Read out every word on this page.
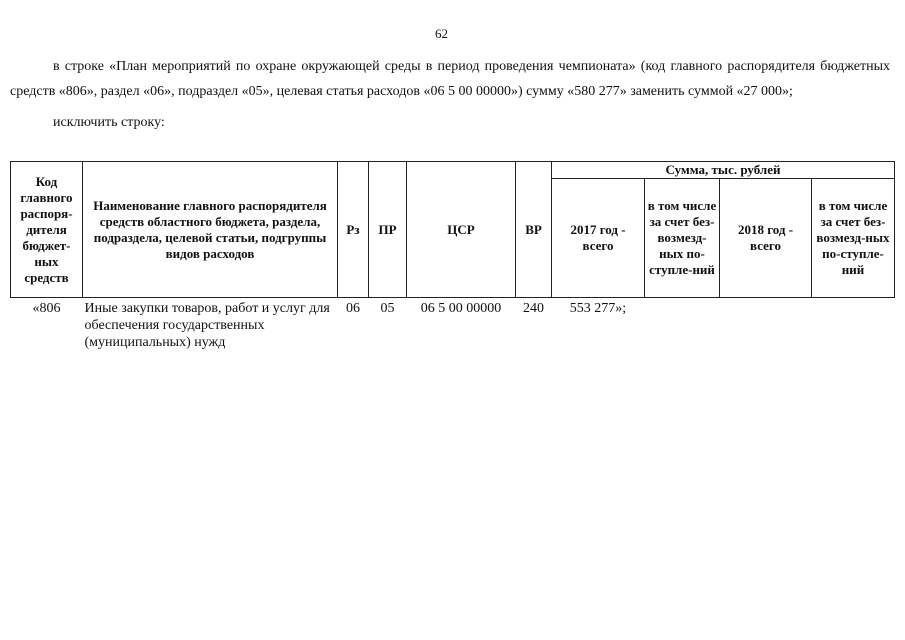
62

в строке «План мероприятий по охране окружающей среды в период проведения чемпионата» (код главного распорядителя бюджетных средств «806», раздел «06», подраздел «05», целевая статья расходов «06 5 00 00000») сумму «580 277» заменить суммой «27 000»;

исключить строку:

Код главного распоря-дителя бюджет-ных средств	Наименование главного распорядителя средств областного бюджета, раздела, подраздела, целевой статьи, подгруппы видов расходов	Рз	ПР	ЦСР	ВР	Сумма, тыс. рублей			
						2017 год - всего	в том числе за счет без-возмезд-ных по-ступле-ний	2018 год - всего	в том числе за счет без-возмезд-ных по-ступле-ний
«806	Иные закупки товаров, работ и услуг для обеспечения государственных (муниципальных) нужд	06	05	06 5 00 00000	240	553 277»;			
